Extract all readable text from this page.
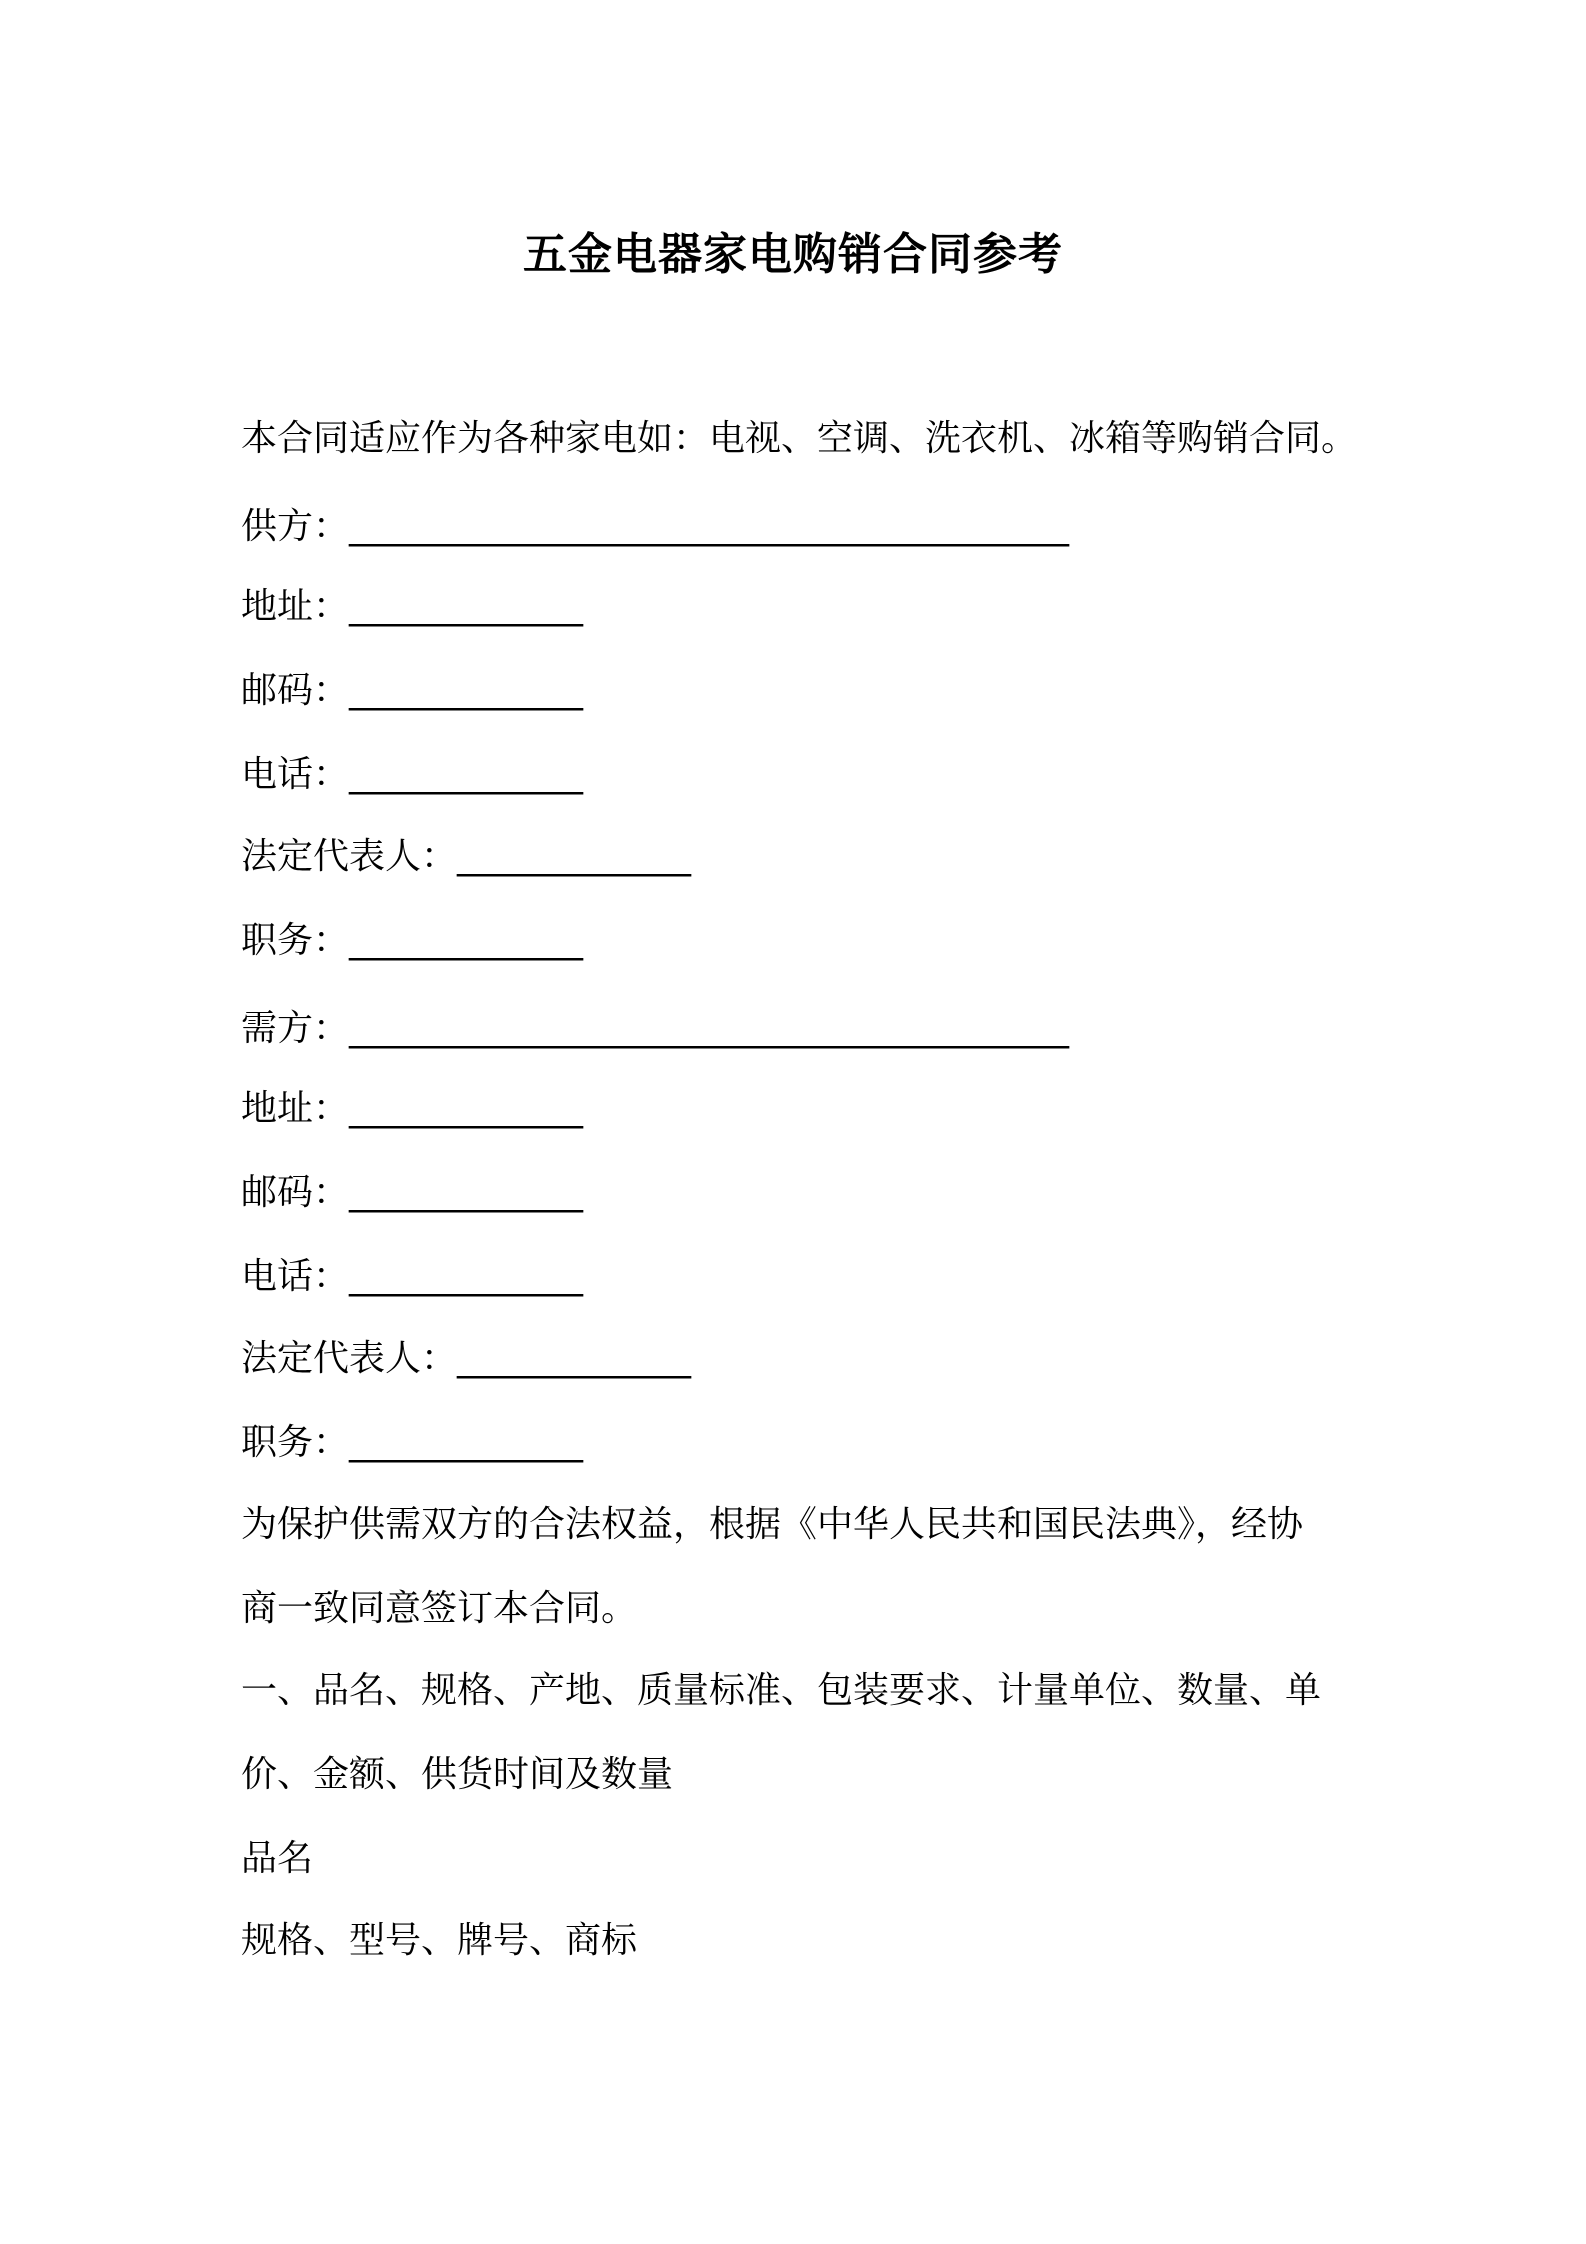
五金电器家电购销合同参考
本合同适应作为各种家电如：电视、空调、洗衣机、冰箱等购销合同。
供方：________________________________________
地址：_____________
邮码：_____________
电话：_____________
法定代表人：_____________
职务：_____________
需方：________________________________________
地址：_____________
邮码：_____________
电话：_____________
法定代表人：_____________
职务：_____________
为保护供需双方的合法权益，根据《中华人民共和国民法典》，经协
商一致同意签订本合同。
一、品名、规格、产地、质量标准、包装要求、计量单位、数量、单
价、金额、供货时间及数量
品名
规格、型号、牌号、商标
